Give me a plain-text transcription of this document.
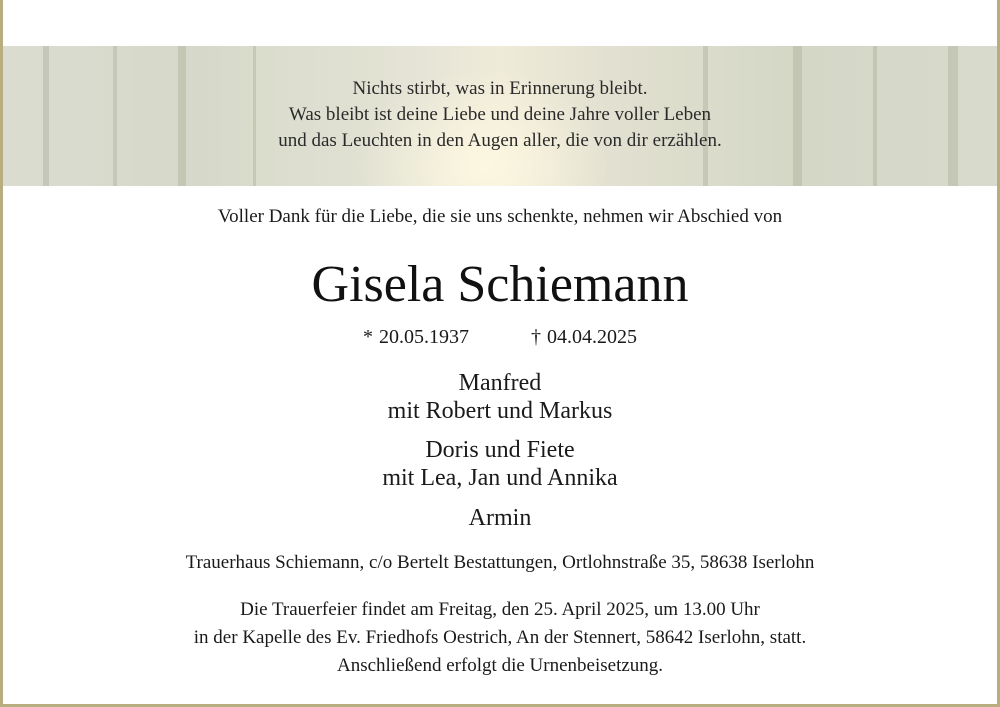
Nichts stirbt, was in Erinnerung bleibt.
Was bleibt ist deine Liebe und deine Jahre voller Leben
und das Leuchten in den Augen aller, die von dir erzählen.
Voller Dank für die Liebe, die sie uns schenkte, nehmen wir Abschied von
Gisela Schiemann
* 20.05.1937	† 04.04.2025
Manfred
mit Robert und Markus
Doris und Fiete
mit Lea, Jan und Annika
Armin
Trauerhaus Schiemann, c/o Bertelt Bestattungen, Ortlohnstraße 35, 58638 Iserlohn
Die Trauerfeier findet am Freitag, den 25. April 2025, um 13.00 Uhr
in der Kapelle des Ev. Friedhofs Oestrich, An der Stennert, 58642 Iserlohn, statt.
Anschließend erfolgt die Urnenbeisetzung.
